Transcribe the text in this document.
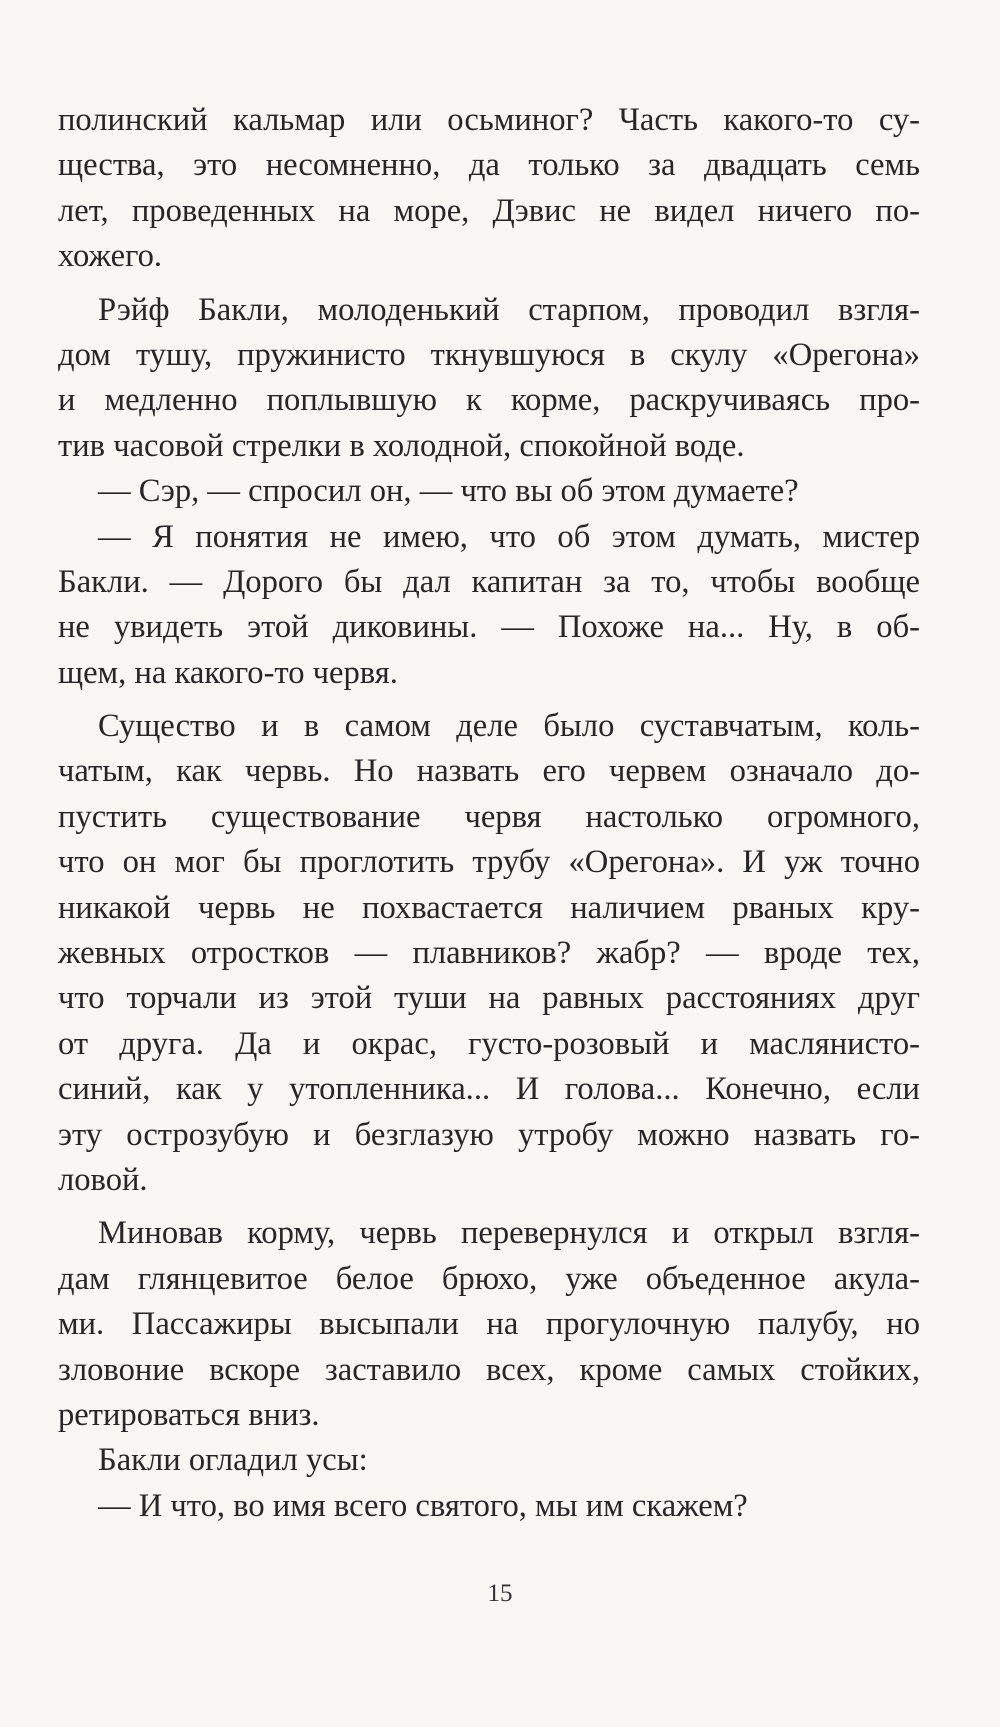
полинский кальмар или осьминог? Часть какого-то су-
щества, это несомненно, да только за двадцать семь
лет, проведенных на море, Дэвис не видел ничего по-
хожего.
Рэйф Бакли, молоденький старпом, проводил взгля-
дом тушу, пружинисто ткнувшуюся в скулу «Орегона»
и медленно поплывшую к корме, раскручиваясь про-
тив часовой стрелки в холодной, спокойной воде.
— Сэр, — спросил он, — что вы об этом думаете?
— Я понятия не имею, что об этом думать, мистер
Бакли. — Дорого бы дал капитан за то, чтобы вообще
не увидеть этой диковины. — Похоже на... Ну, в об-
щем, на какого-то червя.
Существо и в самом деле было суставчатым, коль-
чатым, как червь. Но назвать его червем означало до-
пустить существование червя настолько огромного,
что он мог бы проглотить трубу «Орегона». И уж точно
никакой червь не похвастается наличием рваных кру-
жевных отростков — плавников? жабр? — вроде тех,
что торчали из этой туши на равных расстояниях друг
от друга. Да и окрас, густо-розовый и маслянисто-
синий, как у утопленника... И голова... Конечно, если
эту острозубую и безглазую утробу можно назвать го-
ловой.
Миновав корму, червь перевернулся и открыл взгля-
дам глянцевитое белое брюхо, уже объеденное акула-
ми. Пассажиры высыпали на прогулочную палубу, но
зловоние вскоре заставило всех, кроме самых стойких,
ретироваться вниз.
Бакли огладил усы:
— И что, во имя всего святого, мы им скажем?
15
